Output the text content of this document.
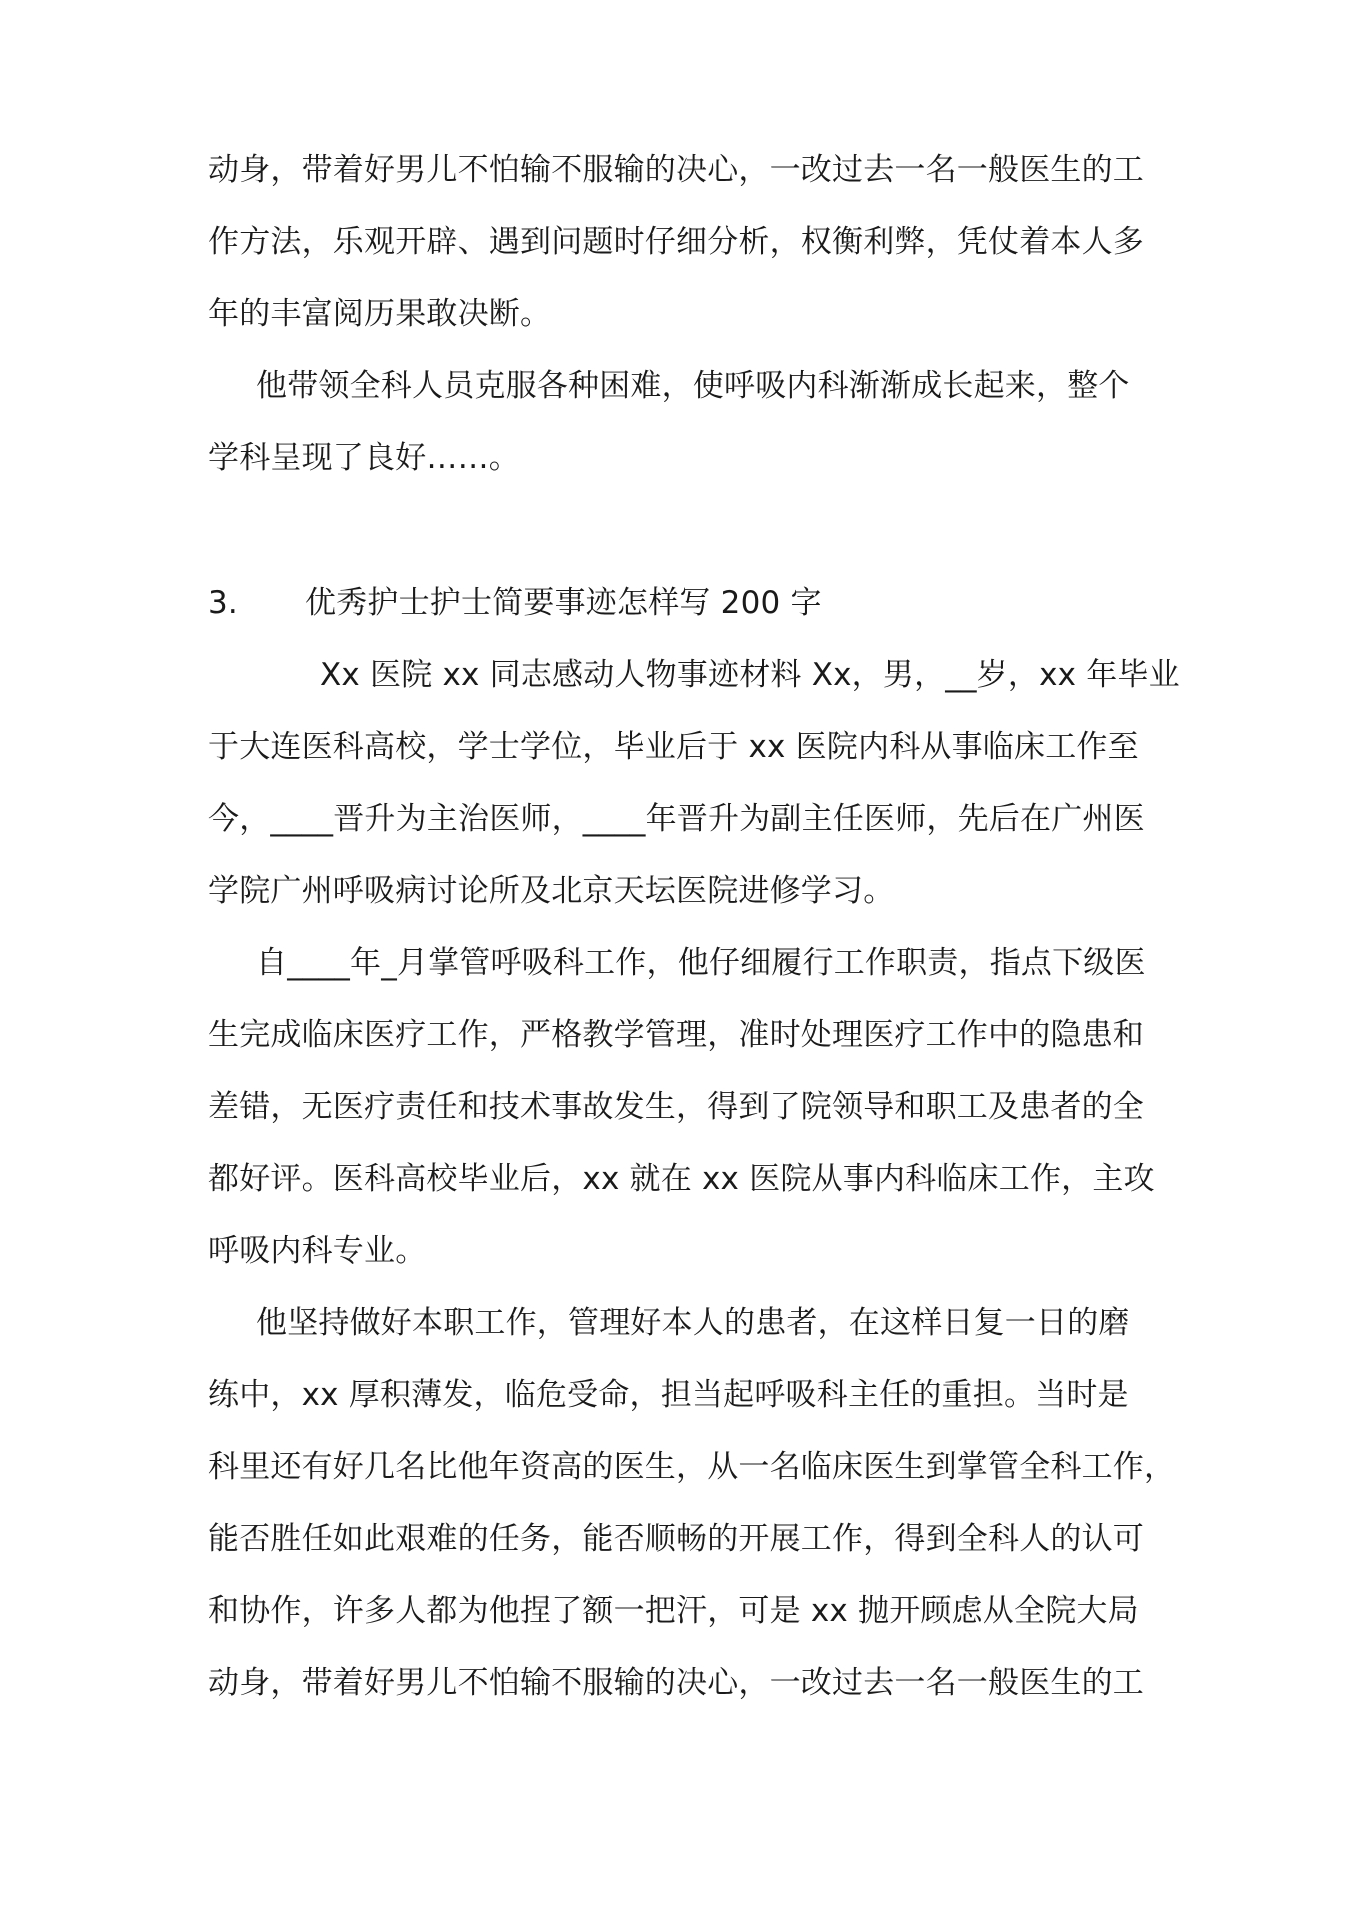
动身，带着好男儿不怕输不服输的决心，一改过去一名一般医生的工

作方法，乐观开辟、遇到问题时仔细分析，权衡利弊，凭仗着本人多

年的丰富阅历果敢决断。

他带领全科人员克服各种困难，使呼吸内科渐渐成长起来，整个

学科呈现了良好……。

3. 优秀护士护士简要事迹怎样写 200 字

Xx 医院 xx 同志感动人物事迹材料 Xx，男，__岁，xx 年毕业

于大连医科高校，学士学位，毕业后于 xx 医院内科从事临床工作至

今，____晋升为主治医师，____年晋升为副主任医师，先后在广州医

学院广州呼吸病讨论所及北京天坛医院进修学习。

自____年_月掌管呼吸科工作，他仔细履行工作职责，指点下级医

生完成临床医疗工作，严格教学管理，准时处理医疗工作中的隐患和

差错，无医疗责任和技术事故发生，得到了院领导和职工及患者的全

都好评。医科高校毕业后，xx 就在 xx 医院从事内科临床工作，主攻

呼吸内科专业。

他坚持做好本职工作，管理好本人的患者，在这样日复一日的磨

练中，xx 厚积薄发，临危受命，担当起呼吸科主任的重担。当时是

科里还有好几名比他年资高的医生，从一名临床医生到掌管全科工作，

能否胜任如此艰难的任务，能否顺畅的开展工作，得到全科人的认可

和协作，许多人都为他捏了额一把汗，可是 xx 抛开顾虑从全院大局

动身，带着好男儿不怕输不服输的决心，一改过去一名一般医生的工
